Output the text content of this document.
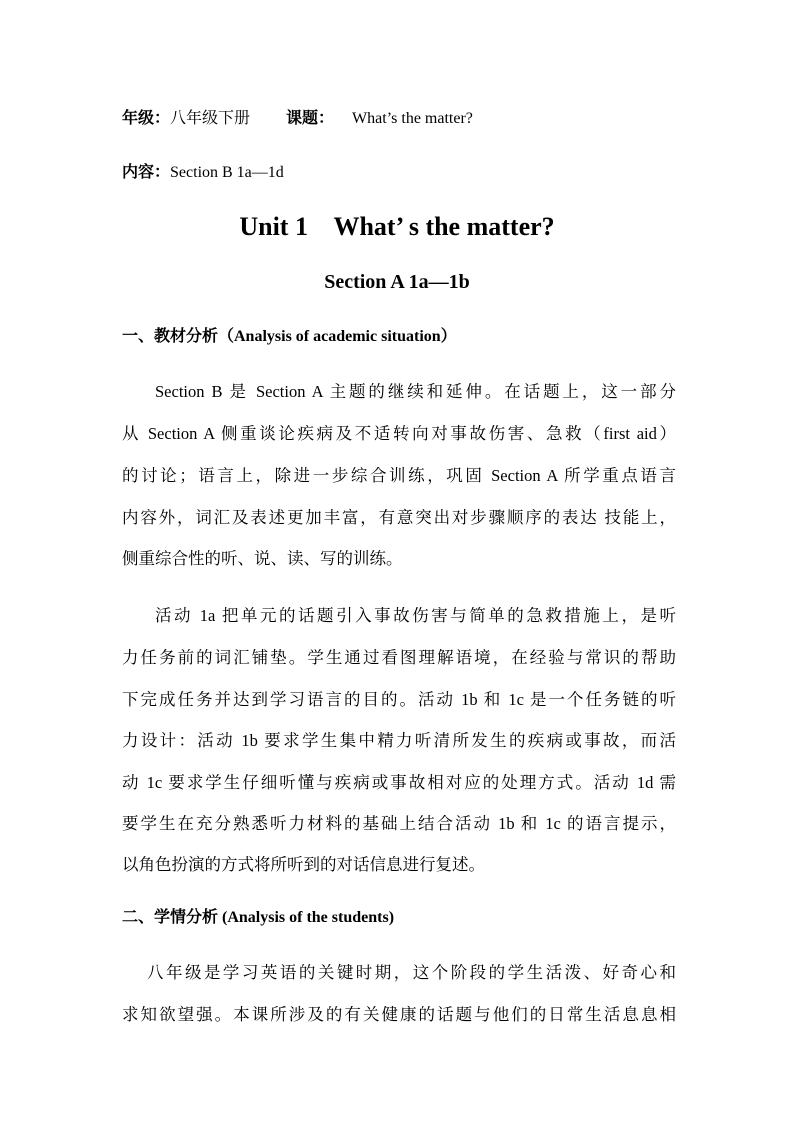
年级：八年级下册 课题： What’s the matter?
内容：Section B 1a—1d
Unit 1    What’ s the matter?
Section A 1a—1b
一、教材分析（Analysis of academic situation）
Section B 是 Section A 主题的继续和延伸。在话题上，这一部分
从 Section A 侧重谈论疾病及不适转向对事故伤害、急救（first aid）
的讨论；语言上，除进一步综合训练，巩固 Section A 所学重点语言
内容外，词汇及表述更加丰富，有意突出对步骤顺序的表达 技能上，
侧重综合性的听、说、读、写的训练。
活动 1a 把单元的话题引入事故伤害与简单的急救措施上，是听
力任务前的词汇铺垫。学生通过看图理解语境，在经验与常识的帮助
下完成任务并达到学习语言的目的。活动 1b 和 1c 是一个任务链的听
力设计：活动 1b 要求学生集中精力听清所发生的疾病或事故，而活
动 1c 要求学生仔细听懂与疾病或事故相对应的处理方式。活动 1d 需
要学生在充分熟悉听力材料的基础上结合活动 1b 和 1c 的语言提示，
以角色扮演的方式将所听到的对话信息进行复述。
二、学情分析 (Analysis of the students)
八年级是学习英语的关键时期，这个阶段的学生活泼、好奇心和
求知欲望强。本课所涉及的有关健康的话题与他们的日常生活息息相
